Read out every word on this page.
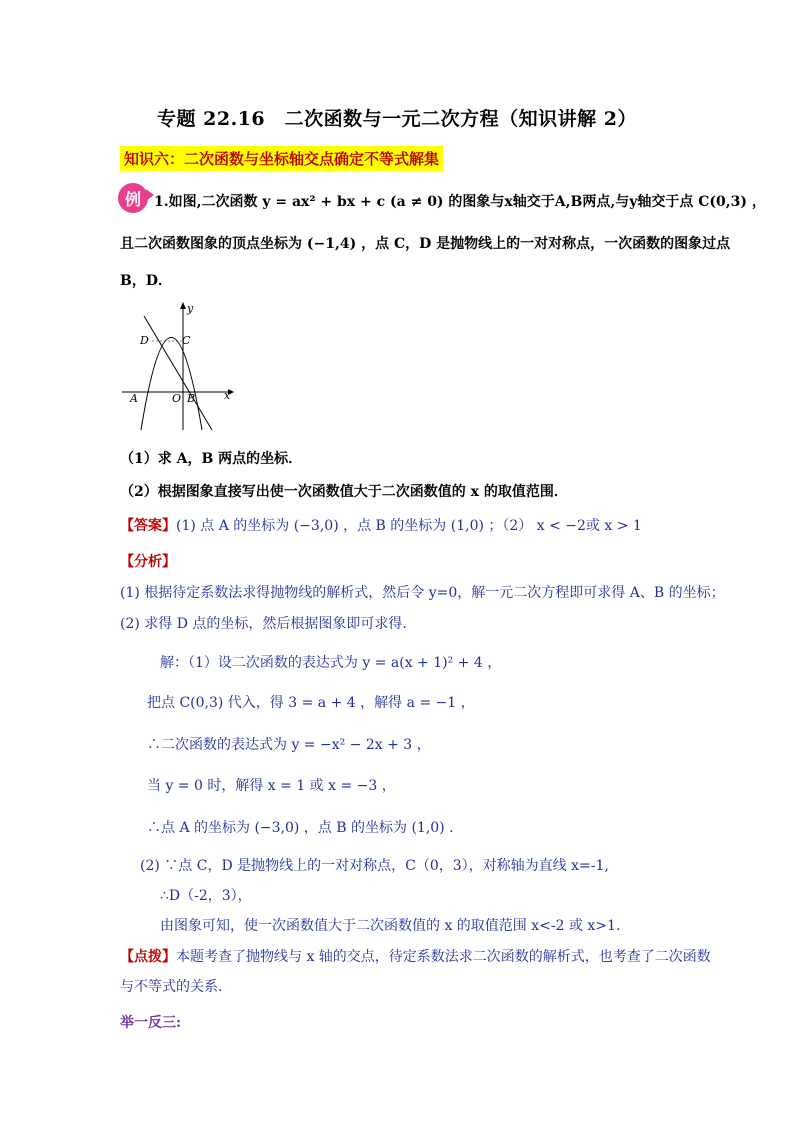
专题 22.16　二次函数与一元二次方程（知识讲解 2）
知识六：二次函数与坐标轴交点确定不等式解集
例 1.如图,二次函数 y = ax² + bx + c (a ≠ 0) 的图象与x轴交于A,B两点,与y轴交于点 C(0,3) ，
且二次函数图象的顶点坐标为 (−1,4) ，点 C，D 是抛物线上的一对对称点，一次函数的图象过点
B，D．
x
y
A	O B
C
D
（1）求 A，B 两点的坐标．
（2）根据图象直接写出使一次函数值大于二次函数值的 x 的取值范围．
【答案】(1) 点 A 的坐标为 (−3,0) ，点 B 的坐标为 (1,0) ；（2） x < −2或 x > 1
【分析】
(1) 根据待定系数法求得抛物线的解析式，然后令 y=0，解一元二次方程即可求得 A、B 的坐标；
(2) 求得 D 点的坐标，然后根据图象即可求得.
解：（1）设二次函数的表达式为 y = a(x + 1)² + 4 ，
把点 C(0,3) 代入，得 3 = a + 4 ，解得 a = −1 ，
∴二次函数的表达式为 y = −x² − 2x + 3 ，
当 y = 0 时，解得 x = 1 或 x = −3 ，
∴点 A 的坐标为 (−3,0) ，点 B 的坐标为 (1,0) .
(2) ∵点 C，D 是抛物线上的一对对称点，C（0，3），对称轴为直线 x=-1,
∴D（-2，3），
由图象可知，使一次函数值大于二次函数值的 x 的取值范围 x<-2 或 x>1.
【点拨】本题考查了抛物线与 x 轴的交点，待定系数法求二次函数的解析式，也考查了二次函数
与不等式的关系.
举一反三:
